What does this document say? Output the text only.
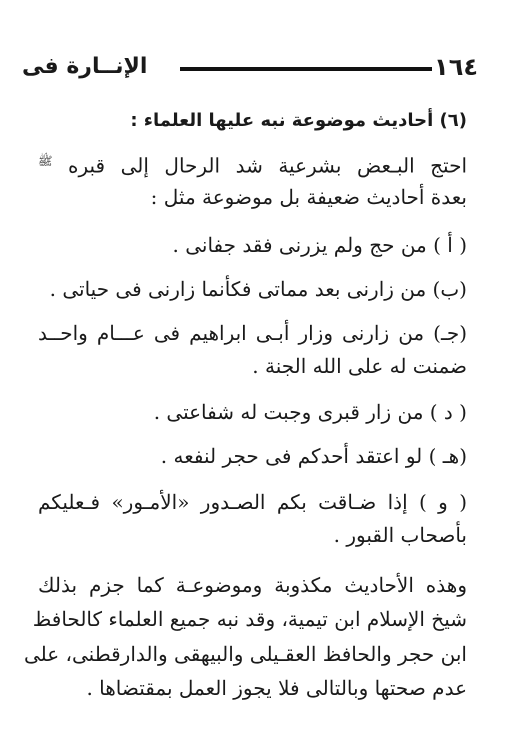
١٦٤
الإنــارة فى
(٦) أحاديث موضوعة نبه عليها العلماء :
احتج البـعض بشرعية شد الرحال إلى قبره $^ﷺ$
بعدة أحاديث ضعيفة بل موضوعة مثل :
( أ ) من حج ولم يزرنى فقد جفانى .
(ب) من زارنى بعد مماتى فكأنما زارنى فى حياتى .
(جـ) من زارنى وزار أبـى ابراهيم فى عـــام واحــد
ضمنت له على الله الجنة .
( د ) من زار قبرى وجبت له شفاعتى .
(هـ ) لو اعتقد أحدكم فى حجر لنفعه .
( و ) إذا ضـاقت بكم الصـدور «الأمـور» فـعليكم
بأصحاب القبور .
وهذه الأحاديث مكذوبة وموضوعـة كما جزم بذلك
شيخ الإسلام ابن تيمية، وقد نبه جميع العلماء كالحافظ
ابن حجر والحافظ العقـيلى والبيهقى والدارقطنى، على
عدم صحتها وبالتالى فلا يجوز العمل بمقتضاها .
